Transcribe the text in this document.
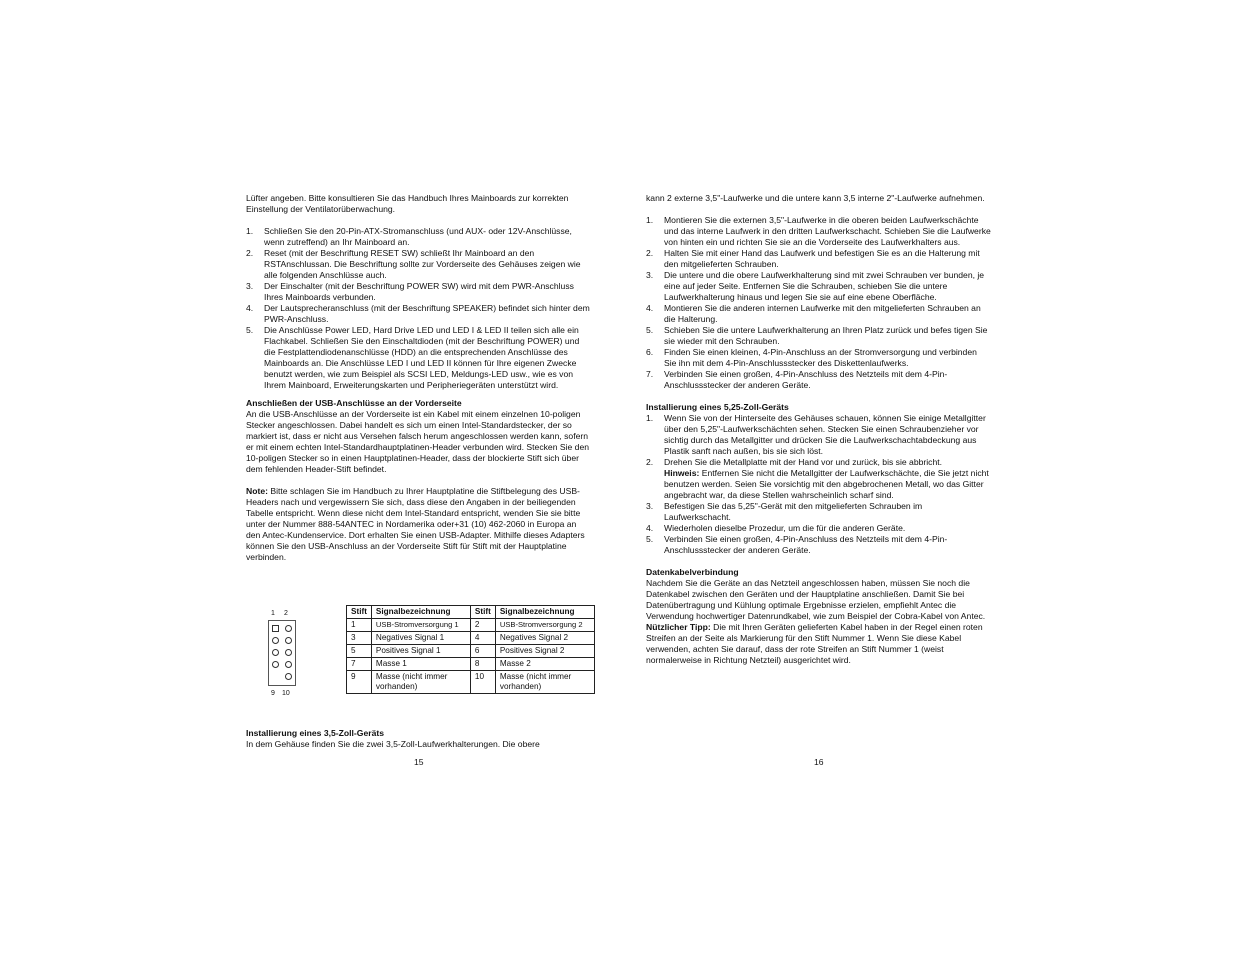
Lüfter angeben. Bitte konsultieren Sie das Handbuch Ihres Mainboards zur korrekten Einstellung der Ventilatorüberwachung.

1. Schließen Sie den 20-Pin-ATX-Stromanschluss (und AUX- oder 12V-Anschlüsse, wenn zutreffend) an Ihr Mainboard an.
2. Reset (mit der Beschriftung RESET SW) schließt Ihr Mainboard an den RSTAnschlussan. Die Beschriftung sollte zur Vorderseite des Gehäuses zeigen wie alle folgenden Anschlüsse auch.
3. Der Einschalter (mit der Beschriftung POWER SW) wird mit dem PWR-Anschluss Ihres Mainboards verbunden.
4. Der Lautsprecheranschluss (mit der Beschriftung SPEAKER) befindet sich hinter dem PWR-Anschluss.
5. Die Anschlüsse Power LED, Hard Drive LED und LED I & LED II teilen sich alle ein Flachkabel. Schließen Sie den Einschaltdioden (mit der Beschriftung POWER) und die Festplattendiodenanschlüsse (HDD) an die entsprechenden Anschlüsse des Mainboards an. Die Anschlüsse LED I und LED II können für Ihre eigenen Zwecke benutzt werden, wie zum Beispiel als SCSI LED, Meldungs-LED usw., wie es von Ihrem Mainboard, Erweiterungskarten und Peripheriegeräten unterstützt wird.

Anschließen der USB-Anschlüsse an der Vorderseite

An die USB-Anschlüsse an der Vorderseite ist ein Kabel mit einem einzelnen 10-poligen Stecker angeschlossen. Dabei handelt es sich um einen Intel-Standardstecker, der so markiert ist, dass er nicht aus Versehen falsch herum angeschlossen werden kann, sofern er mit einem echten Intel-Standardhauptplatinen-Header verbunden wird. Stecken Sie den 10-poligen Stecker so in einen Hauptplatinen-Header, dass der blockierte Stift sich über dem fehlenden Header-Stift befindet.

Note: Bitte schlagen Sie im Handbuch zu Ihrer Hauptplatine die Stiftbelegung des USB-Headers nach und vergewissern Sie sich, dass diese den Angaben in der beiliegenden Tabelle entspricht. Wenn diese nicht dem Intel-Standard entspricht, wenden Sie sie bitte unter der Nummer 888-54ANTEC in Nordamerika oder+31 (10) 462-2060 in Europa an den Antec-Kundenservice. Dort erhalten Sie einen USB-Adapter. Mithilfe dieses Adapters können Sie den USB-Anschluss an der Vorderseite Stift für Stift mit der Hauptplatine verbinden.

1 2
9 10
Stift	Signalbezeichnung	Stift	Signalbezeichnung
1	USB-Stromversorgung 1	2	USB-Stromversorgung 2
3	Negatives Signal 1	4	Negatives Signal 2
5	Positives Signal 1	6	Positives Signal 2
7	Masse 1	8	Masse 2
9	Masse (nicht immer vorhanden)	10	Masse (nicht immer vorhanden)

Installierung eines 3,5-Zoll-Geräts

In dem Gehäuse finden Sie die zwei 3,5-Zoll-Laufwerkhalterungen. Die obere

15

kann 2 externe 3,5"-Laufwerke und die untere kann 3,5 interne 2"-Laufwerke aufnehmen.

1. Montieren Sie die externen 3,5"-Laufwerke in die oberen beiden Laufwerkschächte und das interne Laufwerk in den dritten Laufwerkschacht. Schieben Sie die Laufwerke von hinten ein und richten Sie sie an die Vorderseite des Laufwerkhalters aus.
2. Halten Sie mit einer Hand das Laufwerk und befestigen Sie es an die Halterung mit den mitgelieferten Schrauben.
3. Die untere und die obere Laufwerkhalterung sind mit zwei Schrauben ver bunden, je eine auf jeder Seite. Entfernen Sie die Schrauben, schieben Sie die untere Laufwerkhalterung hinaus und legen Sie sie auf eine ebene Oberfläche.
4. Montieren Sie die anderen internen Laufwerke mit den mitgelieferten Schrauben an die Halterung.
5. Schieben Sie die untere Laufwerkhalterung an Ihren Platz zurück und befes tigen Sie sie wieder mit den Schrauben.
6. Finden Sie einen kleinen, 4-Pin-Anschluss an der Stromversorgung und verbinden Sie ihn mit dem 4-Pin-Anschlussstecker des Diskettenlaufwerks.
7. Verbinden Sie einen großen, 4-Pin-Anschluss des Netzteils mit dem 4-Pin-Anschlussstecker der anderen Geräte.

Installierung eines 5,25-Zoll-Geräts

1. Wenn Sie von der Hinterseite des Gehäuses schauen, können Sie einige Metallgitter über den 5,25"-Laufwerkschächten sehen. Stecken Sie einen Schraubenzieher vor sichtig durch das Metallgitter und drücken Sie die Laufwerkschachtabdeckung aus Plastik sanft nach außen, bis sie sich löst.
2. Drehen Sie die Metallplatte mit der Hand vor und zurück, bis sie abbricht.
Hinweis: Entfernen Sie nicht die Metallgitter der Laufwerkschächte, die Sie jetzt nicht benutzen werden. Seien Sie vorsichtig mit den abgebrochenen Metall, wo das Gitter angebracht war, da diese Stellen wahrscheinlich scharf sind.
3. Befestigen Sie das 5,25"-Gerät mit den mitgelieferten Schrauben im Laufwerkschacht.
4. Wiederholen dieselbe Prozedur, um die für die anderen Geräte.
5. Verbinden Sie einen großen, 4-Pin-Anschluss des Netzteils mit dem 4-Pin-Anschlussstecker der anderen Geräte.

Datenkabelverbindung

Nachdem Sie die Geräte an das Netzteil angeschlossen haben, müssen Sie noch die Datenkabel zwischen den Geräten und der Hauptplatine anschließen. Damit Sie bei Datenübertragung und Kühlung optimale Ergebnisse erzielen, empfiehlt Antec die Verwendung hochwertiger Datenrundkabel, wie zum Beispiel der Cobra-Kabel von Antec.

Nützlicher Tipp: Die mit Ihren Geräten gelieferten Kabel haben in der Regel einen roten Streifen an der Seite als Markierung für den Stift Nummer 1. Wenn Sie diese Kabel verwenden, achten Sie darauf, dass der rote Streifen an Stift Nummer 1 (weist normalerweise in Richtung Netzteil) ausgerichtet wird.

16
